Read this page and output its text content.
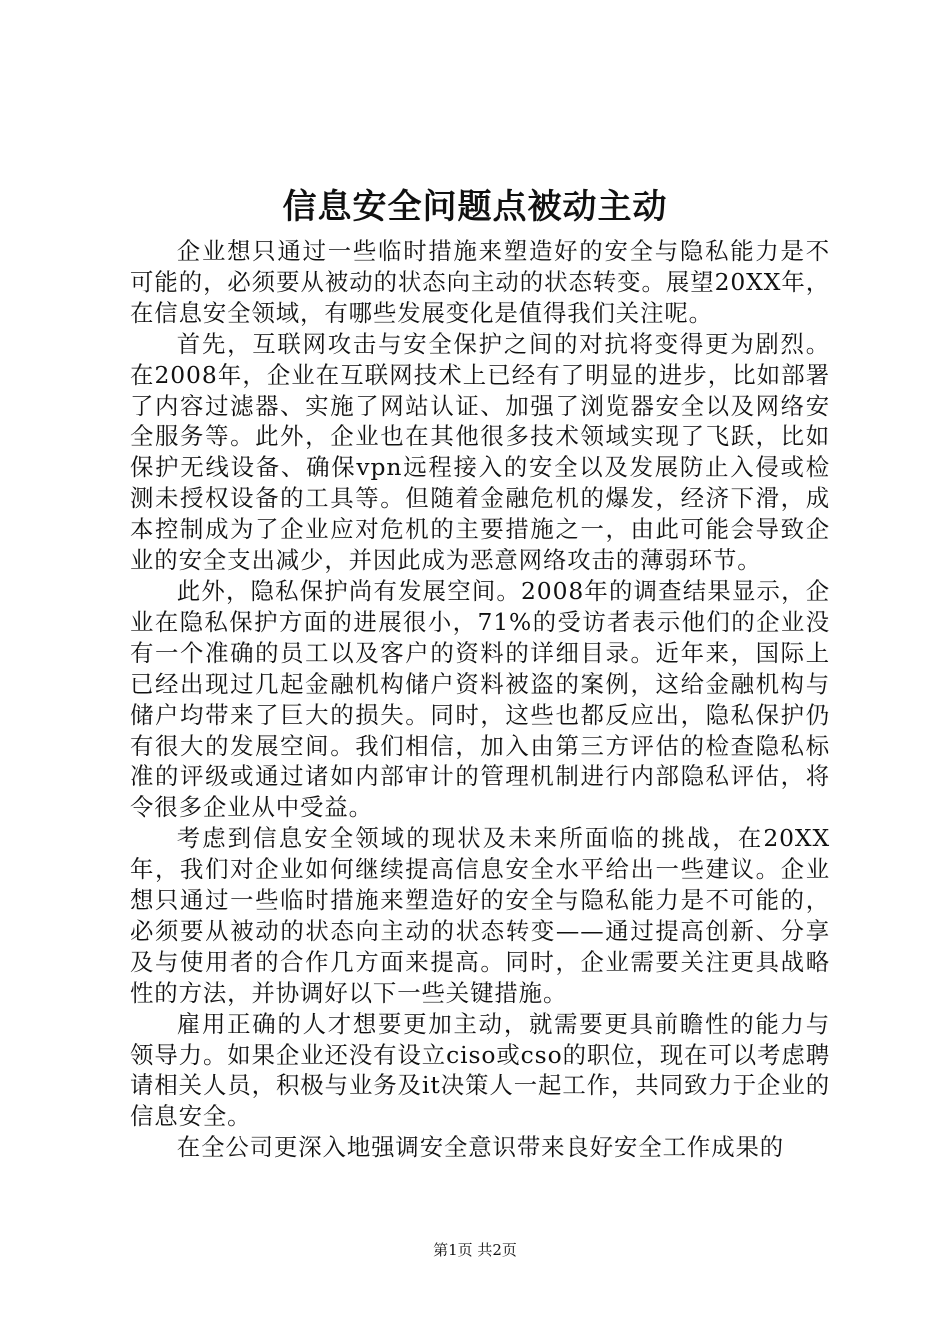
信息安全问题点被动主动

企业想只通过一些临时措施来塑造好的安全与隐私能力是不可能的，必须要从被动的状态向主动的状态转变。展望20XX年，在信息安全领域，有哪些发展变化是值得我们关注呢。

首先，互联网攻击与安全保护之间的对抗将变得更为剧烈。在2008年，企业在互联网技术上已经有了明显的进步，比如部署了内容过滤器、实施了网站认证、加强了浏览器安全以及网络安全服务等。此外，企业也在其他很多技术领域实现了飞跃，比如保护无线设备、确保vpn远程接入的安全以及发展防止入侵或检测未授权设备的工具等。但随着金融危机的爆发，经济下滑，成本控制成为了企业应对危机的主要措施之一，由此可能会导致企业的安全支出减少，并因此成为恶意网络攻击的薄弱环节。

此外，隐私保护尚有发展空间。2008年的调查结果显示，企业在隐私保护方面的进展很小，71%的受访者表示他们的企业没有一个准确的员工以及客户的资料的详细目录。近年来，国际上已经出现过几起金融机构储户资料被盗的案例，这给金融机构与储户均带来了巨大的损失。同时，这些也都反应出，隐私保护仍有很大的发展空间。我们相信，加入由第三方评估的检查隐私标准的评级或通过诸如内部审计的管理机制进行内部隐私评估，将令很多企业从中受益。

考虑到信息安全领域的现状及未来所面临的挑战，在20XX年，我们对企业如何继续提高信息安全水平给出一些建议。企业想只通过一些临时措施来塑造好的安全与隐私能力是不可能的，必须要从被动的状态向主动的状态转变——通过提高创新、分享及与使用者的合作几方面来提高。同时，企业需要关注更具战略性的方法，并协调好以下一些关键措施。

雇用正确的人才想要更加主动，就需要更具前瞻性的能力与领导力。如果企业还没有设立ciso或cso的职位，现在可以考虑聘请相关人员，积极与业务及it决策人一起工作，共同致力于企业的信息安全。

在全公司更深入地强调安全意识带来良好安全工作成果的

第1页 共2页
